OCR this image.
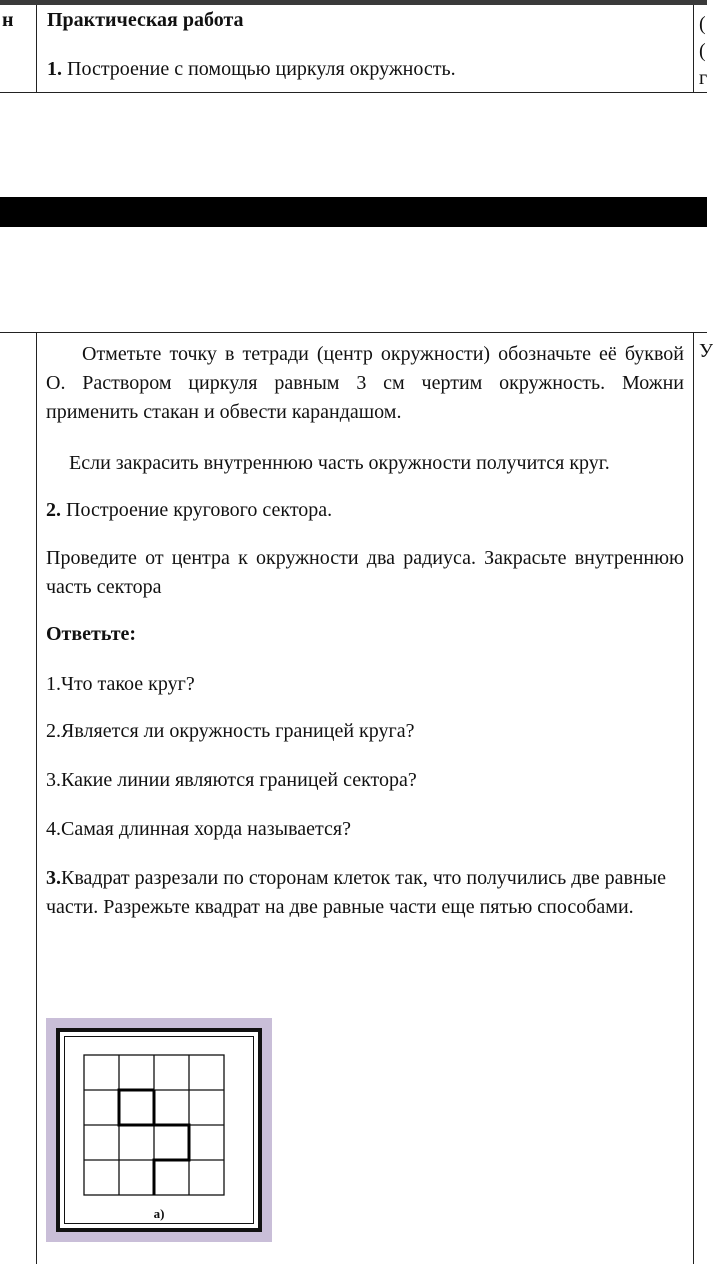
н Практическая работа
1. Построение с помощью циркуля окружность.
(
(
г
У
Отметьте точку в тетради (центр окружности) обозначьте её буквой О. Раствором циркуля равным 3 см чертим окружность. Можни применить стакан и обвести карандашом.
Если закрасить внутреннюю часть окружности получится круг.
2. Построение кругового сектора.
Проведите от центра к окружности два радиуса. Закрасьте внутреннюю часть сектора
Ответьте:
1.Что такое круг?
2.Является ли окружность границей круга?
3.Какие линии являются границей сектора?
4.Самая длинная хорда называется?
3.Квадрат разрезали по сторонам клеток так, что получились две равные части. Разрежьте квадрат на две равные части еще пятью способами.
а)
